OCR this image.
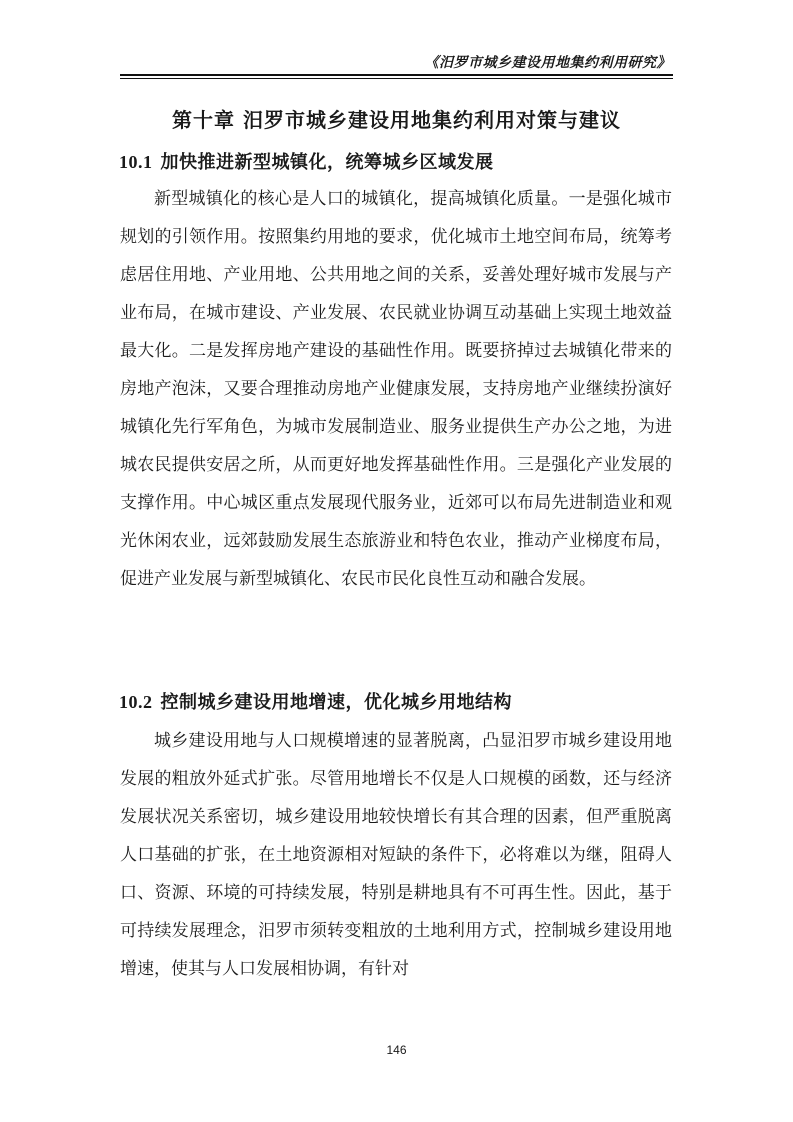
《汨罗市城乡建设用地集约利用研究》
第十章 汨罗市城乡建设用地集约利用对策与建议
10.1 加快推进新型城镇化，统筹城乡区域发展

新型城镇化的核心是人口的城镇化，提高城镇化质量。一是强化城市规划的引领作用。按照集约用地的要求，优化城市土地空间布局，统筹考虑居住用地、产业用地、公共用地之间的关系，妥善处理好城市发展与产业布局，在城市建设、产业发展、农民就业协调互动基础上实现土地效益最大化。二是发挥房地产建设的基础性作用。既要挤掉过去城镇化带来的房地产泡沫，又要合理推动房地产业健康发展，支持房地产业继续扮演好城镇化先行军角色，为城市发展制造业、服务业提供生产办公之地，为进城农民提供安居之所，从而更好地发挥基础性作用。三是强化产业发展的支撑作用。中心城区重点发展现代服务业，近郊可以布局先进制造业和观光休闲农业，远郊鼓励发展生态旅游业和特色农业，推动产业梯度布局，促进产业发展与新型城镇化、农民市民化良性互动和融合发展。

10.2 控制城乡建设用地增速，优化城乡用地结构

城乡建设用地与人口规模增速的显著脱离，凸显汨罗市城乡建设用地发展的粗放外延式扩张。尽管用地增长不仅是人口规模的函数，还与经济发展状况关系密切，城乡建设用地较快增长有其合理的因素，但严重脱离人口基础的扩张，在土地资源相对短缺的条件下，必将难以为继，阻碍人口、资源、环境的可持续发展，特别是耕地具有不可再生性。因此，基于可持续发展理念，汨罗市须转变粗放的土地利用方式，控制城乡建设用地增速，使其与人口发展相协调，有针对

146
